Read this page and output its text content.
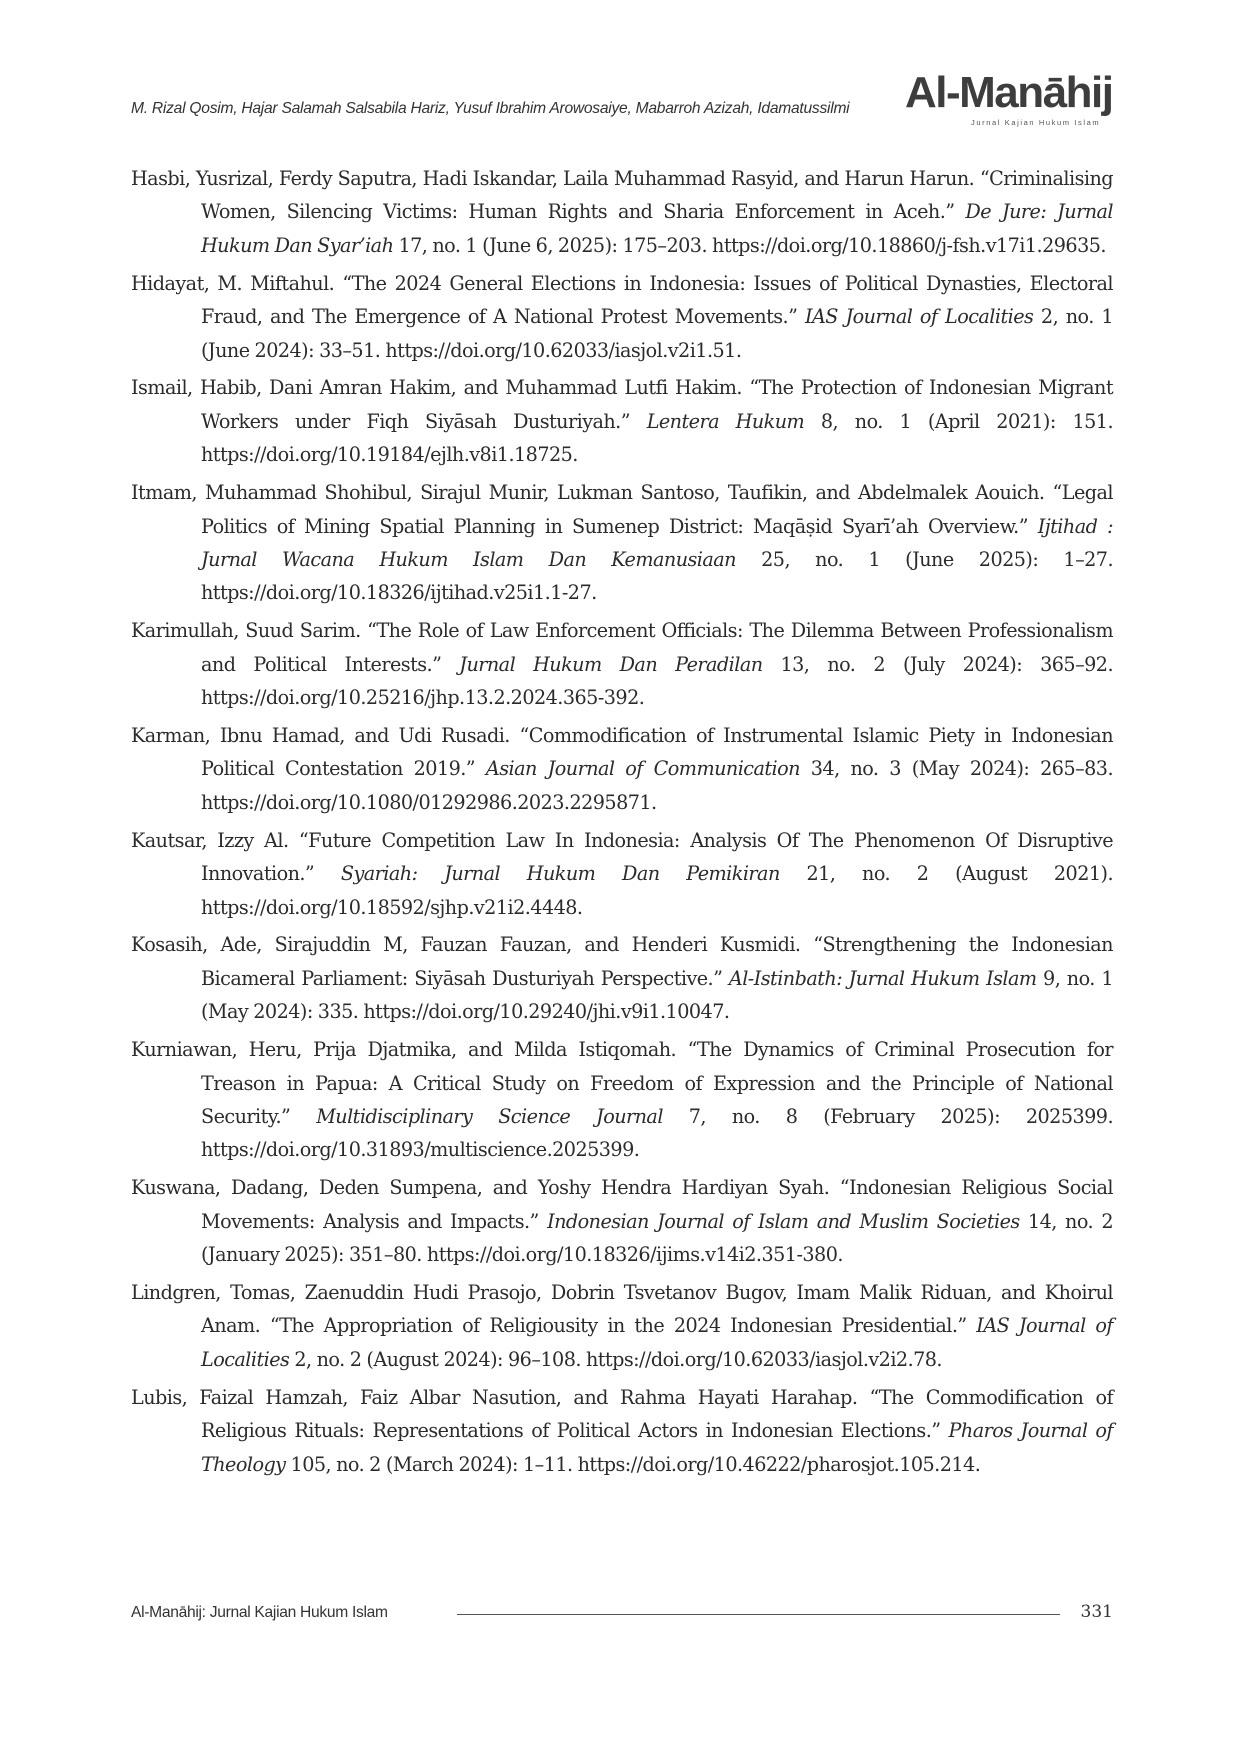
M. Rizal Qosim, Hajar Salamah Salsabila Hariz, Yusuf Ibrahim Arowosaiye, Mabarroh Azizah, Idamatussilmi	Al-Manāhij
Jurnal Kajian Hukum Islam

Hasbi, Yusrizal, Ferdy Saputra, Hadi Iskandar, Laila Muhammad Rasyid, and Harun Harun. “Criminalising Women, Silencing Victims: Human Rights and Sharia Enforcement in Aceh.” De Jure: Jurnal Hukum Dan Syar’iah 17, no. 1 (June 6, 2025): 175–203. https://doi.org/10.18860/j-fsh.v17i1.29635.

Hidayat, M. Miftahul. “The 2024 General Elections in Indonesia: Issues of Political Dynasties, Electoral Fraud, and The Emergence of A National Protest Movements.” IAS Journal of Localities 2, no. 1 (June 2024): 33–51. https://doi.org/10.62033/iasjol.v2i1.51.

Ismail, Habib, Dani Amran Hakim, and Muhammad Lutfi Hakim. “The Protection of Indonesian Migrant Workers under Fiqh Siyāsah Dusturiyah.” Lentera Hukum 8, no. 1 (April 2021): 151. https://doi.org/10.19184/ejlh.v8i1.18725.

Itmam, Muhammad Shohibul, Sirajul Munir, Lukman Santoso, Taufikin, and Abdelmalek Aouich. “Legal Politics of Mining Spatial Planning in Sumenep District: Maqāṣid Syarī’ah Overview.” Ijtihad : Jurnal Wacana Hukum Islam Dan Kemanusiaan 25, no. 1 (June 2025): 1–27. https://doi.org/10.18326/ijtihad.v25i1.1-27.

Karimullah, Suud Sarim. “The Role of Law Enforcement Officials: The Dilemma Between Professionalism and Political Interests.” Jurnal Hukum Dan Peradilan 13, no. 2 (July 2024): 365–92. https://doi.org/10.25216/jhp.13.2.2024.365-392.

Karman, Ibnu Hamad, and Udi Rusadi. “Commodification of Instrumental Islamic Piety in Indonesian Political Contestation 2019.” Asian Journal of Communication 34, no. 3 (May 2024): 265–83. https://doi.org/10.1080/01292986.2023.2295871.

Kautsar, Izzy Al. “Future Competition Law In Indonesia: Analysis Of The Phenomenon Of Disruptive Innovation.” Syariah: Jurnal Hukum Dan Pemikiran 21, no. 2 (August 2021). https://doi.org/10.18592/sjhp.v21i2.4448.

Kosasih, Ade, Sirajuddin M, Fauzan Fauzan, and Henderi Kusmidi. “Strengthening the Indonesian Bicameral Parliament: Siyāsah Dusturiyah Perspective.” Al-Istinbath: Jurnal Hukum Islam 9, no. 1 (May 2024): 335. https://doi.org/10.29240/jhi.v9i1.10047.

Kurniawan, Heru, Prija Djatmika, and Milda Istiqomah. “The Dynamics of Criminal Prosecution for Treason in Papua: A Critical Study on Freedom of Expression and the Principle of National Security.” Multidisciplinary Science Journal 7, no. 8 (February 2025): 2025399. https://doi.org/10.31893/multiscience.2025399.

Kuswana, Dadang, Deden Sumpena, and Yoshy Hendra Hardiyan Syah. “Indonesian Religious Social Movements: Analysis and Impacts.” Indonesian Journal of Islam and Muslim Societies 14, no. 2 (January 2025): 351–80. https://doi.org/10.18326/ijims.v14i2.351-380.

Lindgren, Tomas, Zaenuddin Hudi Prasojo, Dobrin Tsvetanov Bugov, Imam Malik Riduan, and Khoirul Anam. “The Appropriation of Religiousity in the 2024 Indonesian Presidential.” IAS Journal of Localities 2, no. 2 (August 2024): 96–108. https://doi.org/10.62033/iasjol.v2i2.78.

Lubis, Faizal Hamzah, Faiz Albar Nasution, and Rahma Hayati Harahap. “The Commodification of Religious Rituals: Representations of Political Actors in Indonesian Elections.” Pharos Journal of Theology 105, no. 2 (March 2024): 1–11. https://doi.org/10.46222/pharosjot.105.214.

Al-Manāhij: Jurnal Kajian Hukum Islam	331
